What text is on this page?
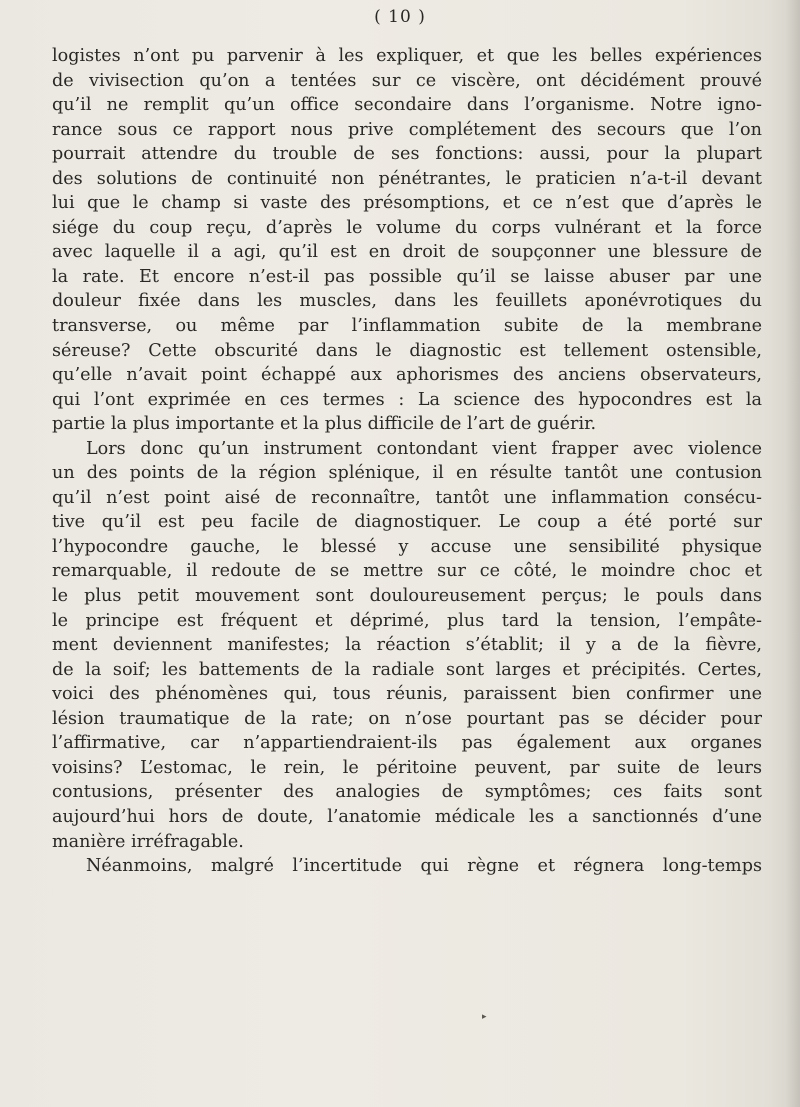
( 10 )

logistes n’ont pu parvenir à les expliquer, et que les belles expériences
de vivisection qu’on a tentées sur ce viscère, ont décidément prouvé
qu’il ne remplit qu’un office secondaire dans l’organisme. Notre igno-
rance sous ce rapport nous prive complétement des secours que l’on
pourrait attendre du trouble de ses fonctions: aussi, pour la plupart
des solutions de continuité non pénétrantes, le praticien n’a-t-il devant
lui que le champ si vaste des présomptions, et ce n’est que d’après le
siége du coup reçu, d’après le volume du corps vulnérant et la force
avec laquelle il a agi, qu’il est en droit de soupçonner une blessure de
la rate. Et encore n’est-il pas possible qu’il se laisse abuser par une
douleur fixée dans les muscles, dans les feuillets aponévrotiques du
transverse, ou même par l’inflammation subite de la membrane
séreuse? Cette obscurité dans le diagnostic est tellement ostensible,
qu’elle n’avait point échappé aux aphorismes des anciens observateurs,
qui l’ont exprimée en ces termes : La science des hypocondres est la
partie la plus importante et la plus difficile de l’art de guérir.
Lors donc qu’un instrument contondant vient frapper avec violence
un des points de la région splénique, il en résulte tantôt une contusion
qu’il n’est point aisé de reconnaître, tantôt une inflammation consécu-
tive qu’il est peu facile de diagnostiquer. Le coup a été porté sur
l’hypocondre gauche, le blessé y accuse une sensibilité physique
remarquable, il redoute de se mettre sur ce côté, le moindre choc et
le plus petit mouvement sont douloureusement perçus; le pouls dans
le principe est fréquent et déprimé, plus tard la tension, l’empâte-
ment deviennent manifestes; la réaction s’établit; il y a de la fièvre,
de la soif; les battements de la radiale sont larges et précipités. Certes,
voici des phénomènes qui, tous réunis, paraissent bien confirmer une
lésion traumatique de la rate; on n’ose pourtant pas se décider pour
l’affirmative, car n’appartiendraient-ils pas également aux organes
voisins? L’estomac, le rein, le péritoine peuvent, par suite de leurs
contusions, présenter des analogies de symptômes; ces faits sont
aujourd’hui hors de doute, l’anatomie médicale les a sanctionnés d’une
manière irréfragable.
Néanmoins, malgré l’incertitude qui règne et régnera long-temps
▸
